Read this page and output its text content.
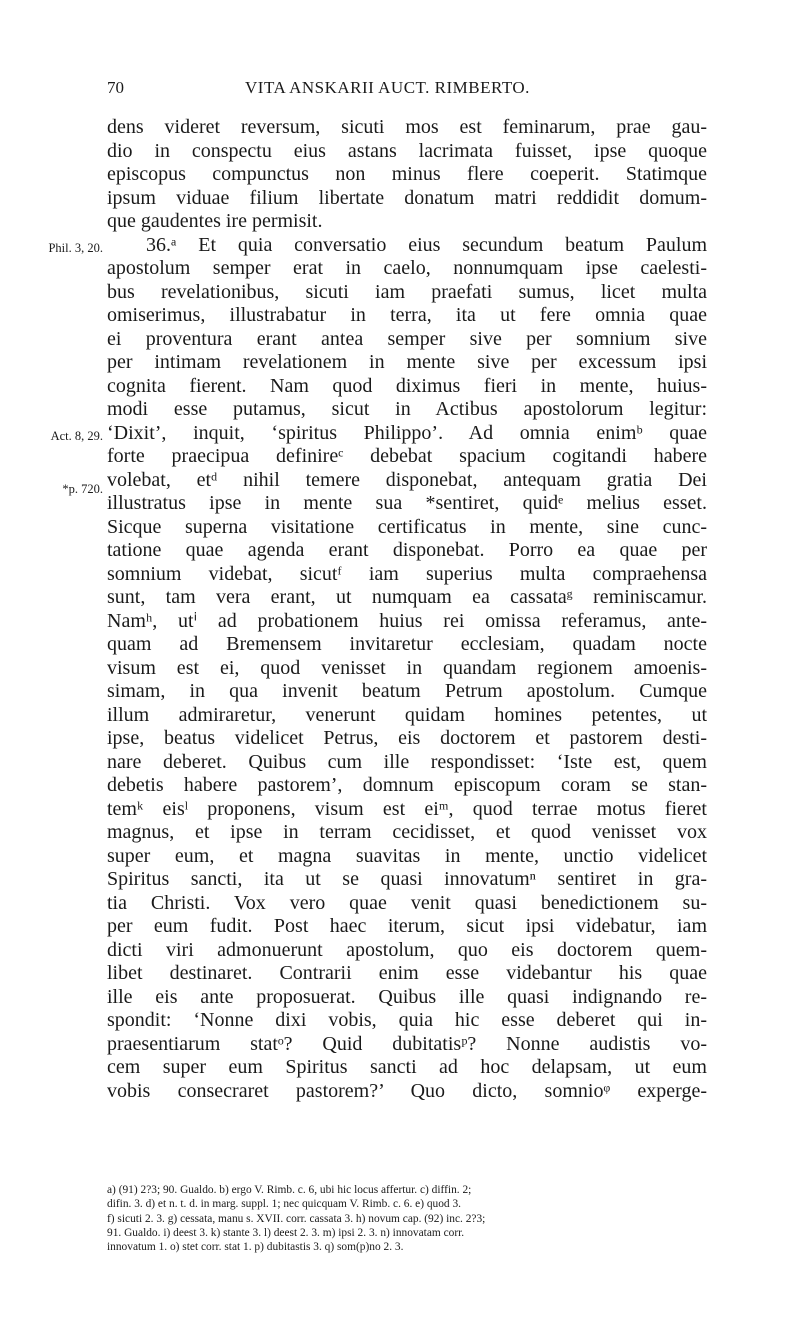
70	VITA ANSKARII AUCT. RIMBERTO.
Phil. 3, 20.
Act. 8, 29.
*p. 720.
dens videret reversum, sicuti mos est feminarum, prae gau-
dio in conspectu eius astans lacrimata fuisset, ipse quoque
episcopus compunctus non minus flere coeperit. Statimque
ipsum viduae filium libertate donatum matri reddidit domum-
que gaudentes ire permisit.
36.ᵃ Et quia conversatio eius secundum beatum Paulum
apostolum semper erat in caelo, nonnumquam ipse caelesti-
bus revelationibus, sicuti iam praefati sumus, licet multa
omiserimus, illustrabatur in terra, ita ut fere omnia quae
ei proventura erant antea semper sive per somnium sive
per intimam revelationem in mente sive per excessum ipsi
cognita fierent. Nam quod diximus fieri in mente, huius-
modi esse putamus, sicut in Actibus apostolorum legitur:
‘Dixit’, inquit, ‘spiritus Philippo’. Ad omnia enimᵇ quae
forte praecipua definireᶜ debebat spacium cogitandi habere
volebat, etᵈ nihil temere disponebat, antequam gratia Dei
illustratus ipse in mente sua *sentiret, quidᵉ melius esset.
Sicque superna visitatione certificatus in mente, sine cunc-
tatione quae agenda erant disponebat. Porro ea quae per
somnium videbat, sicutᶠ iam superius multa compraehensa
sunt, tam vera erant, ut numquam ea cassataᵍ reminiscamur.
Namʰ, utⁱ ad probationem huius rei omissa referamus, ante-
quam ad Bremensem invitaretur ecclesiam, quadam nocte
visum est ei, quod venisset in quandam regionem amoenis-
simam, in qua invenit beatum Petrum apostolum. Cumque
illum admiraretur, venerunt quidam homines petentes, ut
ipse, beatus videlicet Petrus, eis doctorem et pastorem desti-
nare deberet. Quibus cum ille respondisset: ‘Iste est, quem
debetis habere pastorem’, domnum episcopum coram se stan-
temᵏ eisˡ proponens, visum est eiᵐ, quod terrae motus fieret
magnus, et ipse in terram cecidisset, et quod venisset vox
super eum, et magna suavitas in mente, unctio videlicet
Spiritus sancti, ita ut se quasi innovatumⁿ sentiret in gra-
tia Christi. Vox vero quae venit quasi benedictionem su-
per eum fudit. Post haec iterum, sicut ipsi videbatur, iam
dicti viri admonuerunt apostolum, quo eis doctorem quem-
libet destinaret. Contrarii enim esse videbantur his quae
ille eis ante proposuerat. Quibus ille quasi indignando re-
spondit: ‘Nonne dixi vobis, quia hic esse deberet qui in-
praesentiarum statᵒ? Quid dubitatisᵖ? Nonne audistis vo-
cem super eum Spiritus sancti ad hoc delapsam, ut eum
vobis consecraret pastorem?’ Quo dicto, somnioᵠ experge-
a) (91) 2?3; 90. Gualdo. b) ergo V. Rimb. c. 6, ubi hic locus affertur. c) diffin. 2;
difin. 3. d) et n. t. d. in marg. suppl. 1; nec quicquam V. Rimb. c. 6. e) quod 3.
f) sicuti 2. 3. g) cessata, manu s. XVII. corr. cassata 3. h) novum cap. (92) inc. 2?3;
91. Gualdo. i) deest 3. k) stante 3. l) deest 2. 3. m) ipsi 2. 3. n) innovatam corr.
innovatum 1. o) stet corr. stat 1. p) dubitastis 3. q) som(p)no 2. 3.
